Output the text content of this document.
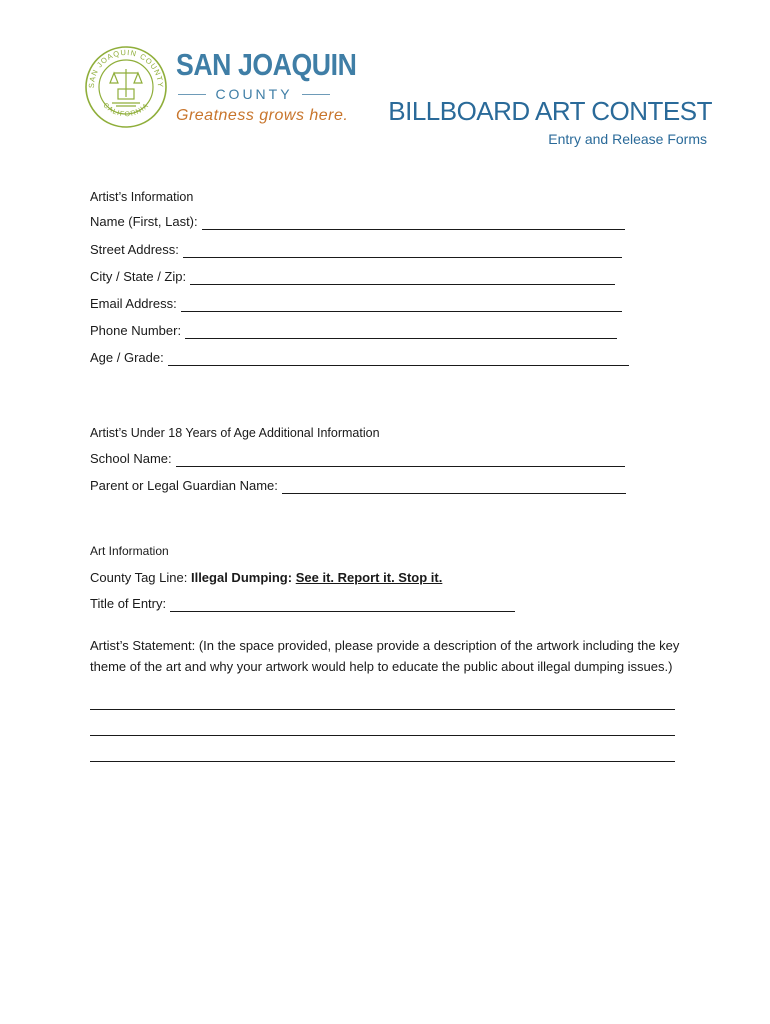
SAN JOAQUIN COUNTY
CALIFORNIA
SAN JOAQUIN
COUNTY
Greatness grows here. BILLBOARD ART CONTEST
Entry and Release Forms
Artist’s Information
Name (First, Last):
Street Address:
City / State / Zip:
Email Address:
Phone Number:
Age / Grade:
Artist’s Under 18 Years of Age Additional Information
School Name:
Parent or Legal Guardian Name:
Art Information
County Tag Line: Illegal Dumping: See it. Report it. Stop it.
Title of Entry:
Artist’s Statement: (In the space provided, please provide a description of the artwork including the key theme of the art and why your artwork would help to educate the public about illegal dumping issues.)
